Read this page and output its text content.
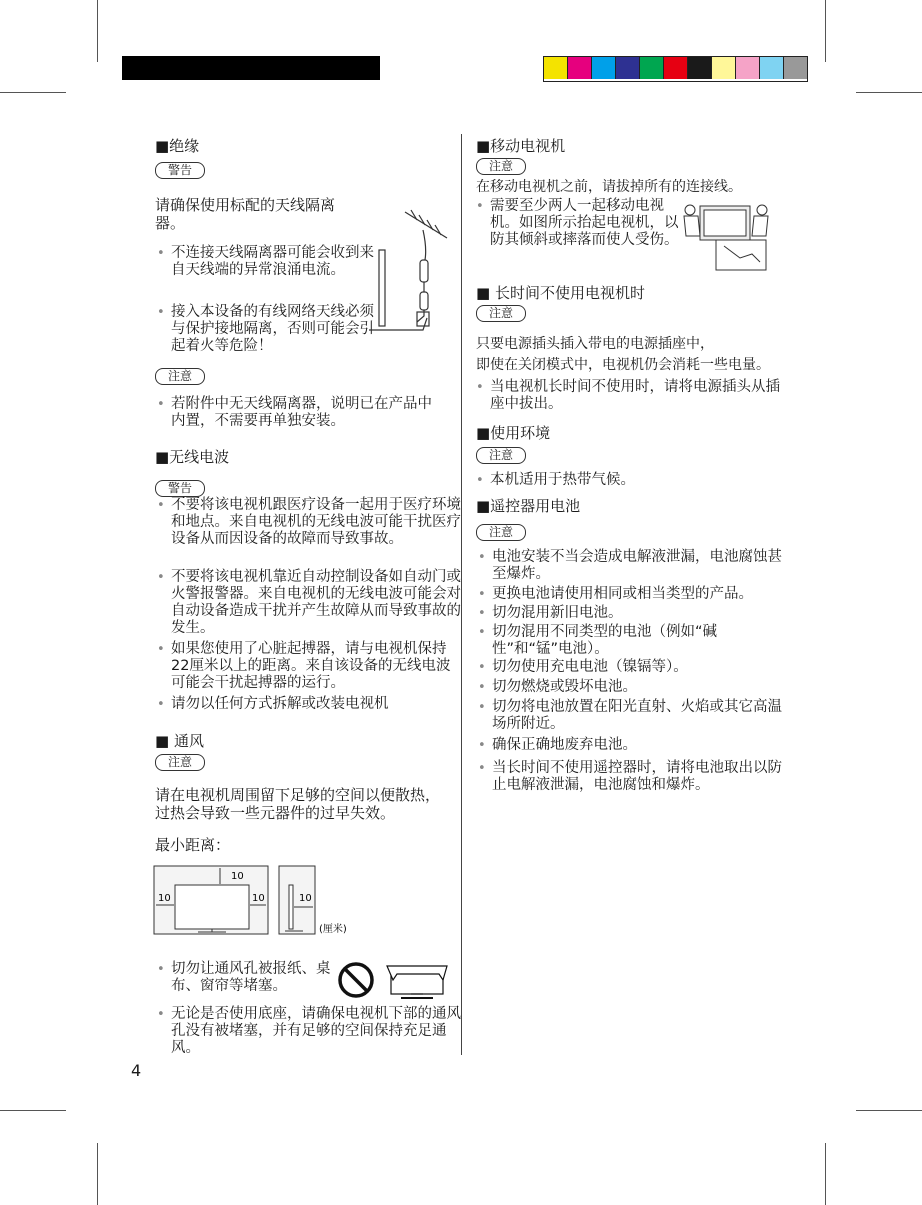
■绝缘
警告
请确保使用标配的天线隔离器。
• 不连接天线隔离器可能会收到来自天线端的异常浪涌电流。
• 接入本设备的有线网络天线必须与保护接地隔离，否则可能会引起着火等危险！
注意
• 若附件中无天线隔离器，说明已在产品中内置，不需要再单独安装。
■无线电波
警告
• 不要将该电视机跟医疗设备一起用于医疗环境和地点。来自电视机的无线电波可能干扰医疗设备从而因设备的故障而导致事故。
• 不要将该电视机靠近自动控制设备如自动门或火警报警器。来自电视机的无线电波可能会对自动设备造成干扰并产生故障从而导致事故的发生。
• 如果您使用了心脏起搏器，请与电视机保持22厘米以上的距离。来自该设备的无线电波可能会干扰起搏器的运行。
• 请勿以任何方式拆解或改装电视机
■ 通风
注意
请在电视机周围留下足够的空间以便散热，过热会导致一些元器件的过早失效。
最小距离：
10
10	10	10
(厘米)
• 切勿让通风孔被报纸、桌布、窗帘等堵塞。
• 无论是否使用底座，请确保电视机下部的通风孔没有被堵塞，并有足够的空间保持充足通风。
4
■移动电视机
注意
在移动电视机之前，请拔掉所有的连接线。
• 需要至少两人一起移动电视机。如图所示抬起电视机，以防其倾斜或摔落而使人受伤。
■ 长时间不使用电视机时
注意
只要电源插头插入带电的电源插座中，
即使在关闭模式中，电视机仍会消耗一些电量。
• 当电视机长时间不使用时，请将电源插头从插座中拔出。
■使用环境
注意
• 本机适用于热带气候。
■遥控器用电池
注意
• 电池安装不当会造成电解液泄漏，电池腐蚀甚至爆炸。
• 更换电池请使用相同或相当类型的产品。
• 切勿混用新旧电池。
• 切勿混用不同类型的电池（例如“碱性”和“锰”电池）。
• 切勿使用充电电池（镍镉等）。
• 切勿燃烧或毁坏电池。
• 切勿将电池放置在阳光直射、火焰或其它高温场所附近。
• 确保正确地废弃电池。
• 当长时间不使用遥控器时，请将电池取出以防止电解液泄漏，电池腐蚀和爆炸。
